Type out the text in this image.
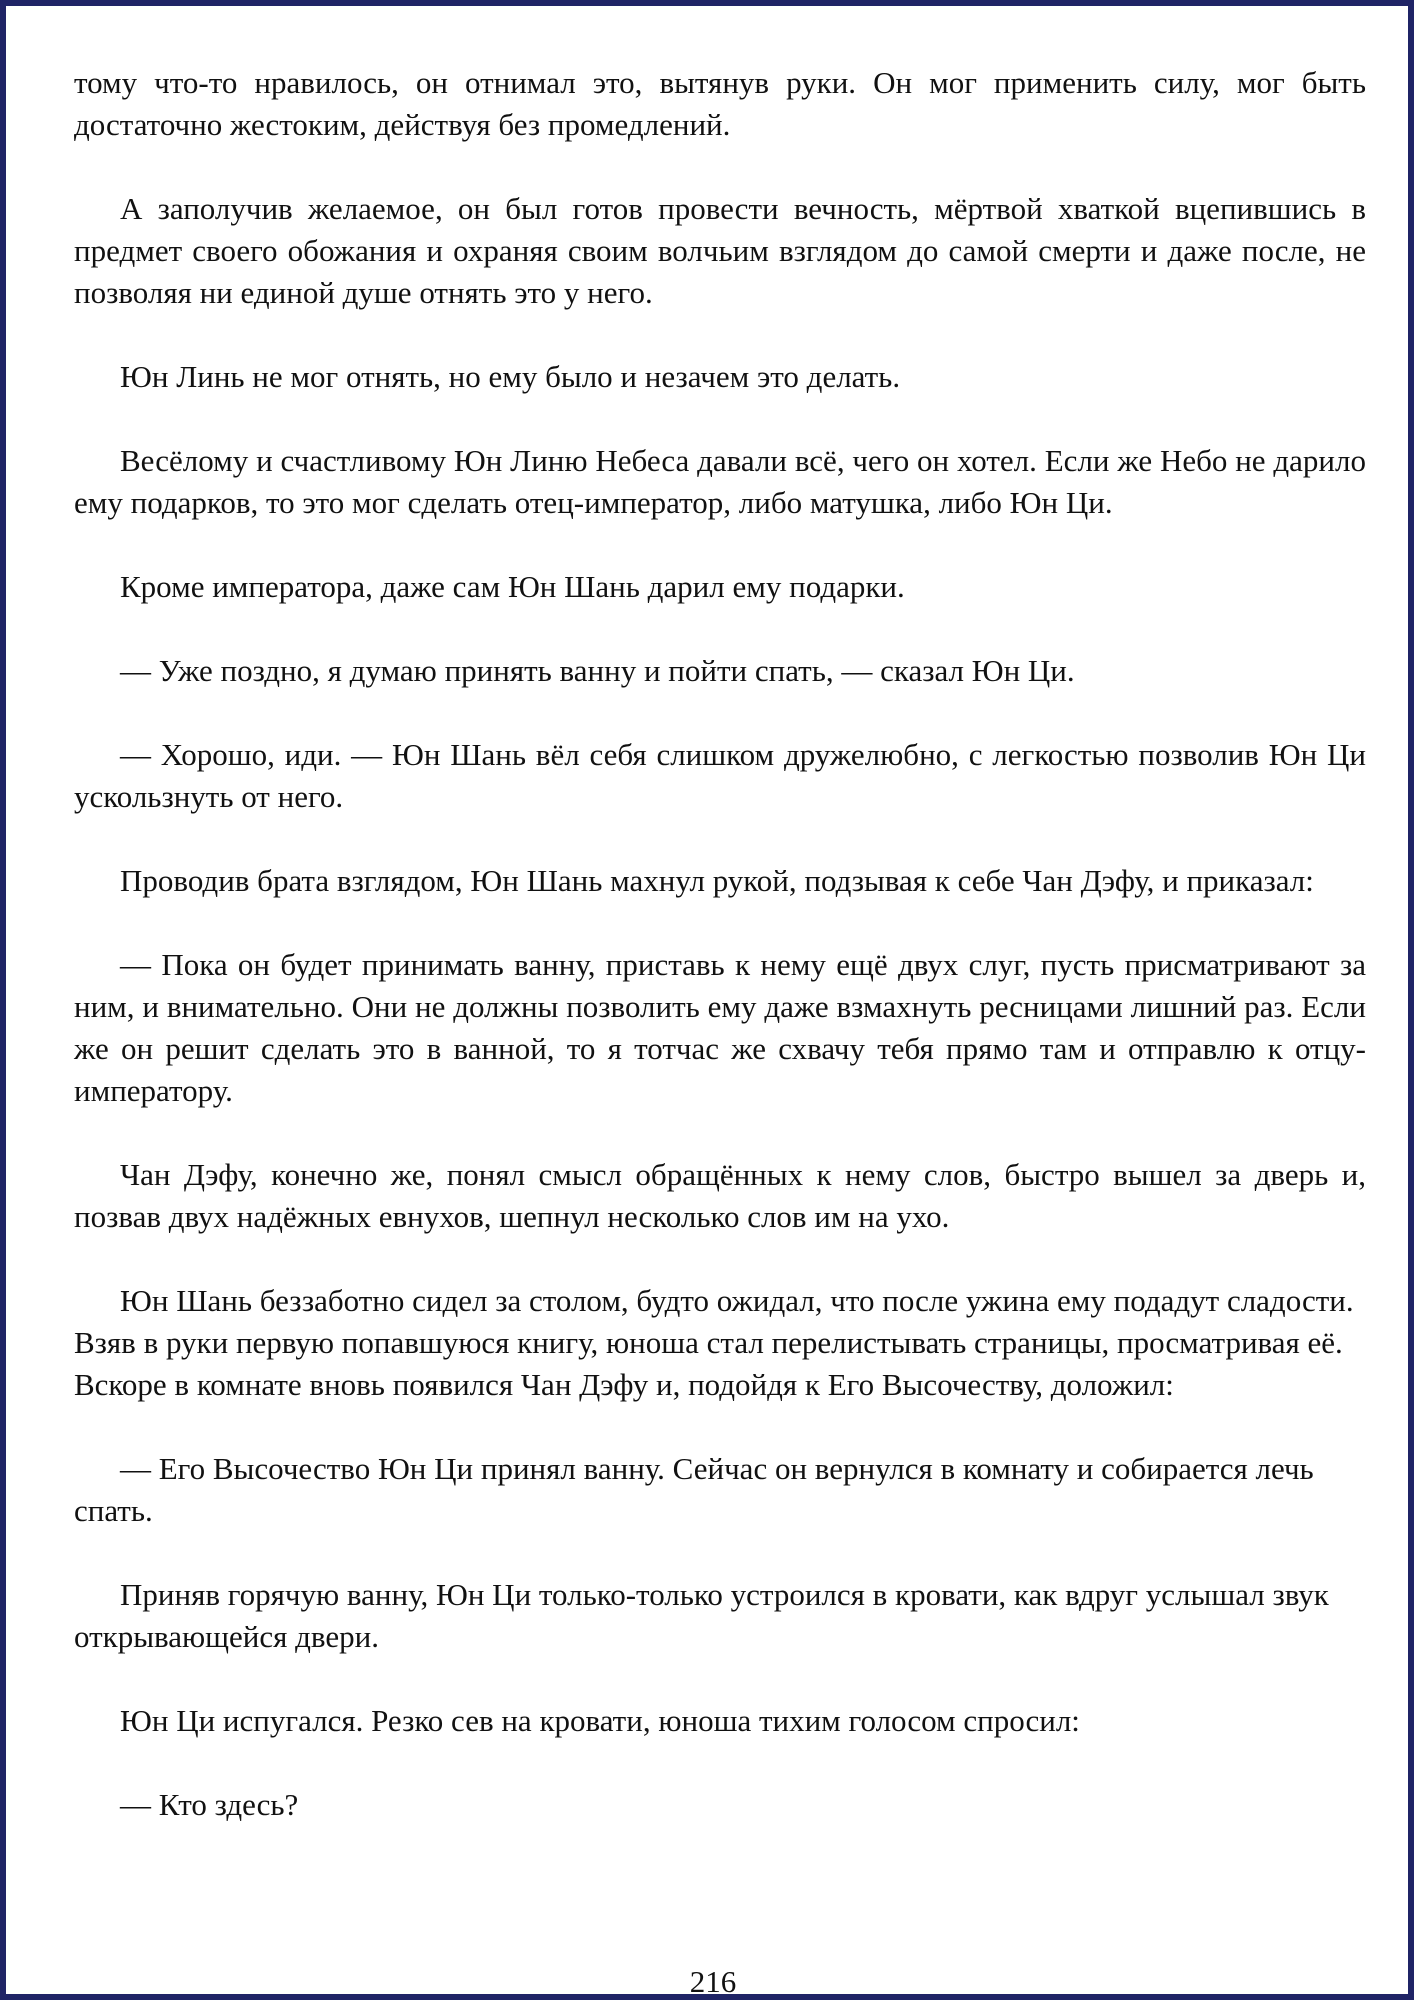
тому что-то нравилось, он отнимал это, вытянув руки. Он мог применить силу, мог быть достаточно жестоким, действуя без промедлений.

А заполучив желаемое, он был готов провести вечность, мёртвой хваткой вцепившись в предмет своего обожания и охраняя своим волчьим взглядом до самой смерти и даже после, не позволяя ни единой душе отнять это у него.

Юн Линь не мог отнять, но ему было и незачем это делать.

Весёлому и счастливому Юн Линю Небеса давали всё, чего он хотел. Если же Небо не дарило ему подарков, то это мог сделать отец-император, либо матушка, либо Юн Ци.

Кроме императора, даже сам Юн Шань дарил ему подарки.

— Уже поздно, я думаю принять ванну и пойти спать, — сказал Юн Ци.

— Хорошо, иди. — Юн Шань вёл себя слишком дружелюбно, с легкостью позволив Юн Ци ускользнуть от него.

Проводив брата взглядом, Юн Шань махнул рукой, подзывая к себе Чан Дэфу, и приказал:

— Пока он будет принимать ванну, приставь к нему ещё двух слуг, пусть присматривают за ним, и внимательно. Они не должны позволить ему даже взмахнуть ресницами лишний раз. Если же он решит сделать это в ванной, то я тотчас же схвачу тебя прямо там и отправлю к отцу-императору.

Чан Дэфу, конечно же, понял смысл обращённых к нему слов, быстро вышел за дверь и, позвав двух надёжных евнухов, шепнул несколько слов им на ухо.

Юн Шань беззаботно сидел за столом, будто ожидал, что после ужина ему подадут сладости. Взяв в руки первую попавшуюся книгу, юноша стал перелистывать страницы, просматривая её. Вскоре в комнате вновь появился Чан Дэфу и, подойдя к Его Высочеству, доложил:

— Его Высочество Юн Ци принял ванну. Сейчас он вернулся в комнату и собирается лечь спать.

Приняв горячую ванну, Юн Ци только-только устроился в кровати, как вдруг услышал звук открывающейся двери.

Юн Ци испугался. Резко сев на кровати, юноша тихим голосом спросил:

— Кто здесь?

216
